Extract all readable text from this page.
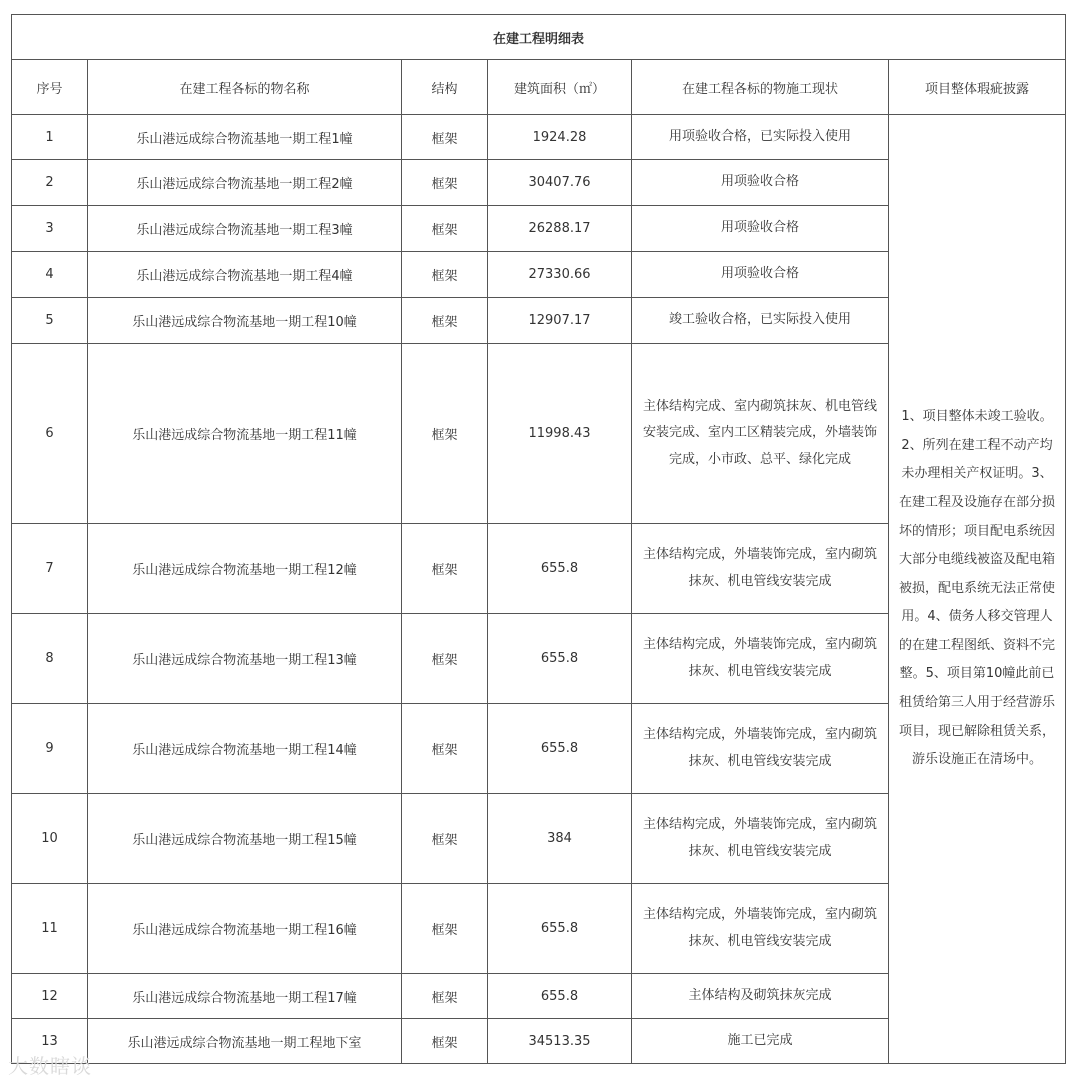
在建工程明细表					
序号	在建工程各标的物名称	结构	建筑面积（㎡）	在建工程各标的物施工现状	项目整体瑕疵披露
1	乐山港远成综合物流基地一期工程1幢	框架	1924.28	用项验收合格，已实际投入使用	1、项目整体未竣工验收。2、所列在建工程不动产均未办理相关产权证明。3、在建工程及设施存在部分损坏的情形；项目配电系统因大部分电缆线被盗及配电箱被损，配电系统无法正常使用。4、债务人移交管理人的在建工程图纸、资料不完整。5、项目第10幢此前已租赁给第三人用于经营游乐项目，现已解除租赁关系，游乐设施正在清场中。
2	乐山港远成综合物流基地一期工程2幢	框架	30407.76	用项验收合格	
3	乐山港远成综合物流基地一期工程3幢	框架	26288.17	用项验收合格	
4	乐山港远成综合物流基地一期工程4幢	框架	27330.66	用项验收合格	
5	乐山港远成综合物流基地一期工程10幢	框架	12907.17	竣工验收合格，已实际投入使用	
6	乐山港远成综合物流基地一期工程11幢	框架	11998.43	主体结构完成、室内砌筑抹灰、机电管线安装完成、室内工区精装完成，外墙装饰完成，小市政、总平、绿化完成	
7	乐山港远成综合物流基地一期工程12幢	框架	655.8	主体结构完成，外墙装饰完成，室内砌筑抹灰、机电管线安装完成	
8	乐山港远成综合物流基地一期工程13幢	框架	655.8	主体结构完成，外墙装饰完成，室内砌筑抹灰、机电管线安装完成	
9	乐山港远成综合物流基地一期工程14幢	框架	655.8	主体结构完成，外墙装饰完成，室内砌筑抹灰、机电管线安装完成	
10	乐山港远成综合物流基地一期工程15幢	框架	384	主体结构完成，外墙装饰完成，室内砌筑抹灰、机电管线安装完成	
11	乐山港远成综合物流基地一期工程16幢	框架	655.8	主体结构完成，外墙装饰完成，室内砌筑抹灰、机电管线安装完成	
12	乐山港远成综合物流基地一期工程17幢	框架	655.8	主体结构及砌筑抹灰完成	
13	乐山港远成综合物流基地一期工程地下室	框架	34513.35	施工已完成	
大数瞎谈
